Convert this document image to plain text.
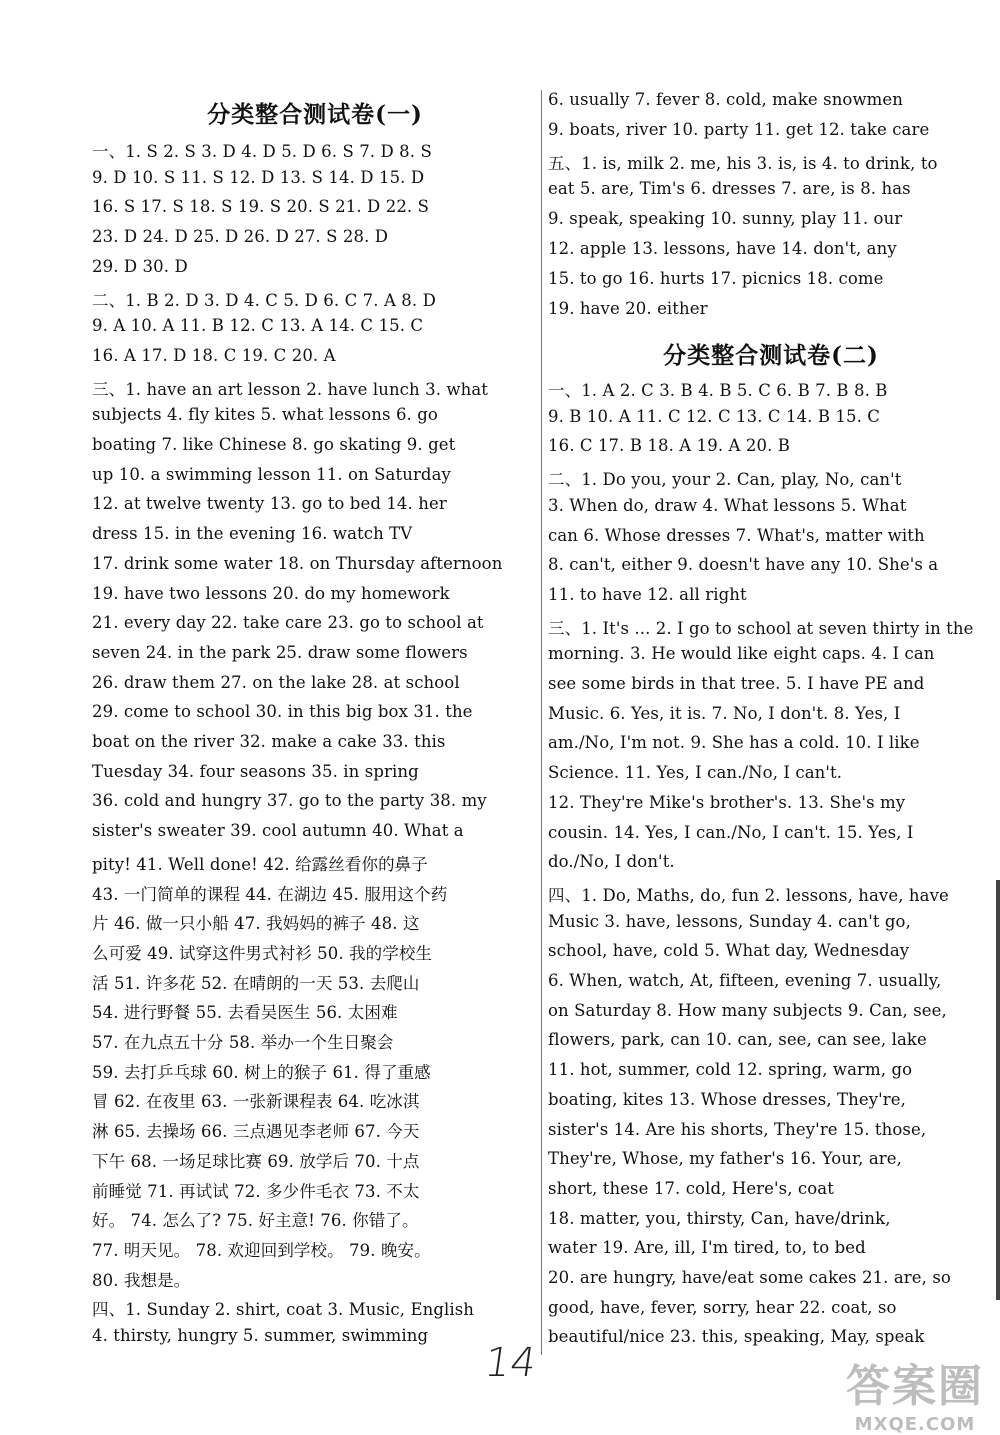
分类整合测试卷(一)
一、1. S 2. S 3. D 4. D 5. D 6. S 7. D 8. S
9. D 10. S 11. S 12. D 13. S 14. D 15. D
16. S 17. S 18. S 19. S 20. S 21. D 22. S
23. D 24. D 25. D 26. D 27. S 28. D
29. D 30. D
二、1. B 2. D 3. D 4. C 5. D 6. C 7. A 8. D
9. A 10. A 11. B 12. C 13. A 14. C 15. C
16. A 17. D 18. C 19. C 20. A
三、1. have an art lesson 2. have lunch 3. what
subjects 4. fly kites 5. what lessons 6. go
boating 7. like Chinese 8. go skating 9. get
up 10. a swimming lesson 11. on Saturday
12. at twelve twenty 13. go to bed 14. her
dress 15. in the evening 16. watch TV
17. drink some water 18. on Thursday afternoon
19. have two lessons 20. do my homework
21. every day 22. take care 23. go to school at
seven 24. in the park 25. draw some flowers
26. draw them 27. on the lake 28. at school
29. come to school 30. in this big box 31. the
boat on the river 32. make a cake 33. this
Tuesday 34. four seasons 35. in spring
36. cold and hungry 37. go to the party 38. my
sister's sweater 39. cool autumn 40. What a
pity! 41. Well done! 42. 给露丝看你的鼻子
43. 一门简单的课程 44. 在湖边 45. 服用这个药
片 46. 做一只小船 47. 我妈妈的裤子 48. 这
么可爱 49. 试穿这件男式衬衫 50. 我的学校生
活 51. 许多花 52. 在晴朗的一天 53. 去爬山
54. 进行野餐 55. 去看吴医生 56. 太困难
57. 在九点五十分 58. 举办一个生日聚会
59. 去打乒乓球 60. 树上的猴子 61. 得了重感
冒 62. 在夜里 63. 一张新课程表 64. 吃冰淇
淋 65. 去操场 66. 三点遇见李老师 67. 今天
下午 68. 一场足球比赛 69. 放学后 70. 十点
前睡觉 71. 再试试 72. 多少件毛衣 73. 不太
好。 74. 怎么了? 75. 好主意! 76. 你错了。
77. 明天见。 78. 欢迎回到学校。 79. 晚安。
80. 我想是。
四、1. Sunday 2. shirt, coat 3. Music, English
4. thirsty, hungry 5. summer, swimming
6. usually 7. fever 8. cold, make snowmen
9. boats, river 10. party 11. get 12. take care
五、1. is, milk 2. me, his 3. is, is 4. to drink, to
eat 5. are, Tim's 6. dresses 7. are, is 8. has
9. speak, speaking 10. sunny, play 11. our
12. apple 13. lessons, have 14. don't, any
15. to go 16. hurts 17. picnics 18. come
19. have 20. either
分类整合测试卷(二)
一、1. A 2. C 3. B 4. B 5. C 6. B 7. B 8. B
9. B 10. A 11. C 12. C 13. C 14. B 15. C
16. C 17. B 18. A 19. A 20. B
二、1. Do you, your 2. Can, play, No, can't
3. When do, draw 4. What lessons 5. What
can 6. Whose dresses 7. What's, matter with
8. can't, either 9. doesn't have any 10. She's a
11. to have 12. all right
三、1. It's ... 2. I go to school at seven thirty in the
morning. 3. He would like eight caps. 4. I can
see some birds in that tree. 5. I have PE and
Music. 6. Yes, it is. 7. No, I don't. 8. Yes, I
am./No, I'm not. 9. She has a cold. 10. I like
Science. 11. Yes, I can./No, I can't.
12. They're Mike's brother's. 13. She's my
cousin. 14. Yes, I can./No, I can't. 15. Yes, I
do./No, I don't.
四、1. Do, Maths, do, fun 2. lessons, have, have
Music 3. have, lessons, Sunday 4. can't go,
school, have, cold 5. What day, Wednesday
6. When, watch, At, fifteen, evening 7. usually,
on Saturday 8. How many subjects 9. Can, see,
flowers, park, can 10. can, see, can see, lake
11. hot, summer, cold 12. spring, warm, go
boating, kites 13. Whose dresses, They're,
sister's 14. Are his shorts, They're 15. those,
They're, Whose, my father's 16. Your, are,
short, these 17. cold, Here's, coat
18. matter, you, thirsty, Can, have/drink,
water 19. Are, ill, I'm tired, to, to bed
20. are hungry, have/eat some cakes 21. are, so
good, have, fever, sorry, hear 22. coat, so
beautiful/nice 23. this, speaking, May, speak
14	答案圈
MXQE.COM
